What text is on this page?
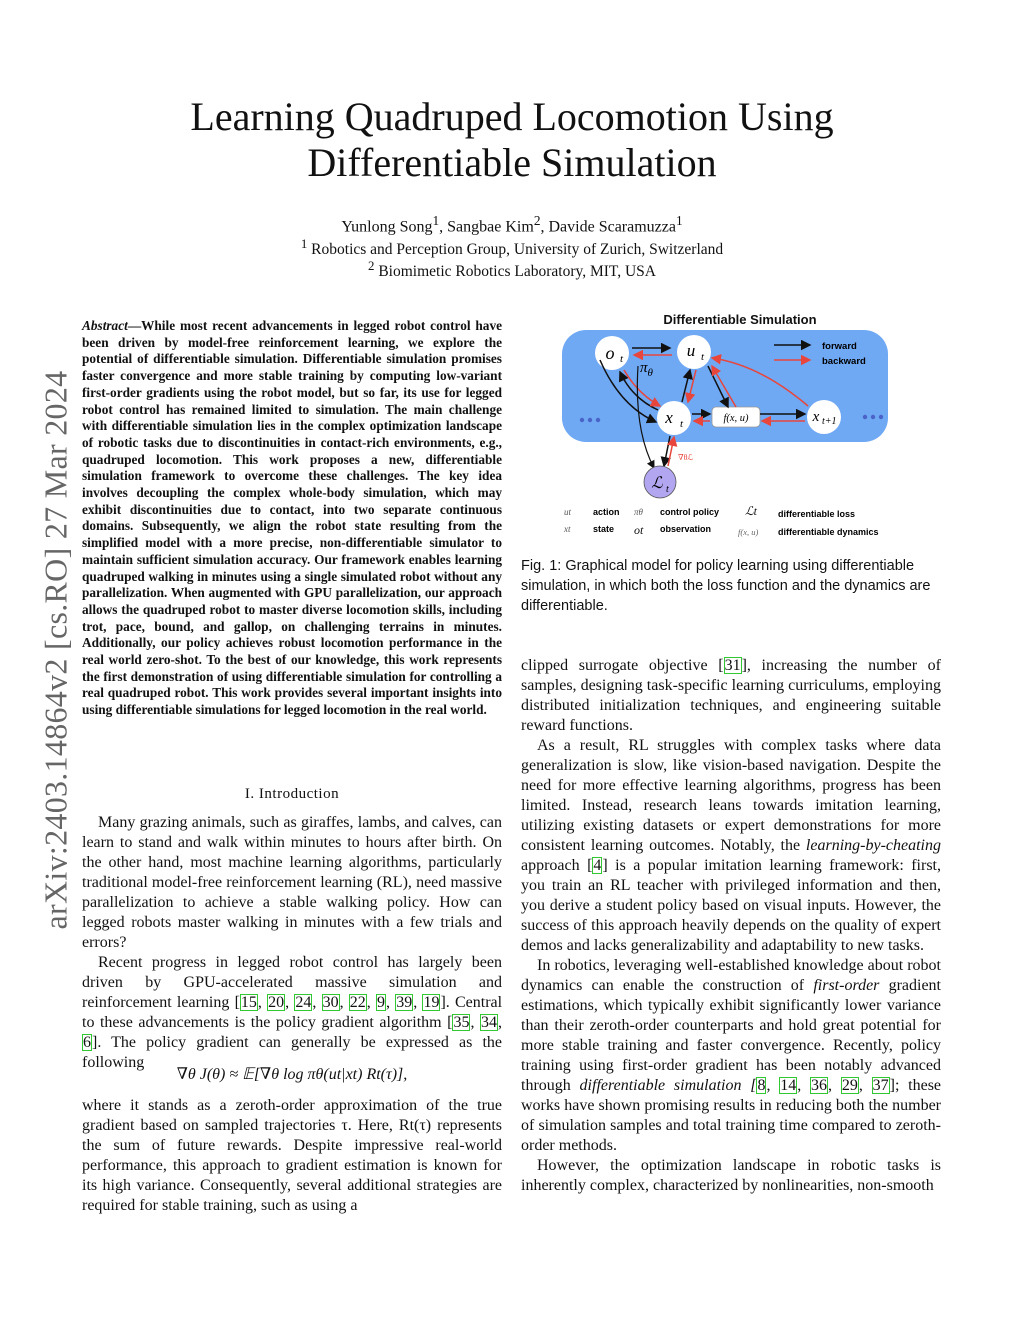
arXiv:2403.14864v2 [cs.RO] 27 Mar 2024
Learning Quadruped Locomotion Using
Differentiable Simulation
Yunlong Song$^1$, Sangbae Kim$^2$, Davide Scaramuzza$^1$
$^1$ Robotics and Perception Group, University of Zurich, Switzerland
$^2$ Biomimetic Robotics Laboratory, MIT, USA
Abstract—While most recent advancements in legged robot control have been driven by model-free reinforcement learning, we explore the potential of differentiable simulation. Differentiable simulation promises faster convergence and more stable training by computing low-variant first-order gradients using the robot model, but so far, its use for legged robot control has remained limited to simulation. The main challenge with differentiable simulation lies in the complex optimization landscape of robotic tasks due to discontinuities in contact-rich environments, e.g., quadruped locomotion. This work proposes a new, differentiable simulation framework to overcome these challenges. The key idea involves decoupling the complex whole-body simulation, which may exhibit discontinuities due to contact, into two separate continuous domains. Subsequently, we align the robot state resulting from the simplified model with a more precise, non-differentiable simulator to maintain sufficient simulation accuracy. Our framework enables learning quadruped walking in minutes using a single simulated robot without any parallelization. When augmented with GPU parallelization, our approach allows the quadruped robot to master diverse locomotion skills, including trot, pace, bound, and gallop, on challenging terrains in minutes. Additionally, our policy achieves robust locomotion performance in the real world zero-shot. To the best of our knowledge, this work represents the first demonstration of using differentiable simulation for controlling a real quadruped robot. This work provides several important insights into using differentiable simulations for legged locomotion in the real world.
I. Introduction

Many grazing animals, such as giraffes, lambs, and calves, can learn to stand and walk within minutes to hours after birth. On the other hand, most machine learning algorithms, particularly traditional model-free reinforcement learning (RL), need massive parallelization to achieve a stable walking policy. How can legged robots master walking in minutes with a few trials and errors?

Recent progress in legged robot control has largely been driven by GPU-accelerated massive simulation and reinforcement learning [15, 20, 24, 30, 22, 9, 39, 19]. Central to these advancements is the policy gradient algorithm [35, 34, 6]. The policy gradient can generally be expressed as the following

∇θ J(θ) ≈ 𝔼[∇θ log πθ(ut|xt) Rt(τ)],

where it stands as a zeroth-order approximation of the true gradient based on sampled trajectories τ. Here, Rt(τ) represents the sum of future rewards. Despite impressive real-world performance, this approach to gradient estimation is known for its high variance. Consequently, several additional strategies are required for stable training, such as using a

Differentiable Simulation
o t	u t
$\pi_\theta$
forward
backward
x t	x t+1
f(x, u)
∇θℒ
ℒ t
ut action πθ control policy ℒt differentiable loss
xt	state ot observation	f(x, u) differentiable dynamics
Fig. 1: Graphical model for policy learning using differentiable simulation, in which both the loss function and the dynamics are differentiable.

clipped surrogate objective [31], increasing the number of samples, designing task-specific learning curriculums, employing distributed initialization techniques, and engineering suitable reward functions.

As a result, RL struggles with complex tasks where data generalization is slow, like vision-based navigation. Despite the need for more effective learning algorithms, progress has been limited. Instead, research leans towards imitation learning, utilizing existing datasets or expert demonstrations for more consistent learning outcomes. Notably, the learning-by-cheating approach [4] is a popular imitation learning framework: first, you train an RL teacher with privileged information and then, you derive a student policy based on visual inputs. However, the success of this approach heavily depends on the quality of expert demos and lacks generalizability and adaptability to new tasks.

In robotics, leveraging well-established knowledge about robot dynamics can enable the construction of first-order gradient estimations, which typically exhibit significantly lower variance than their zeroth-order counterparts and hold great potential for more stable training and faster convergence. Recently, policy training using first-order gradient has been notably advanced through differentiable simulation [8, 14, 36, 29, 37]; these works have shown promising results in reducing both the number of simulation samples and total training time compared to zeroth-order methods.

However, the optimization landscape in robotic tasks is inherently complex, characterized by nonlinearities, non-smooth
